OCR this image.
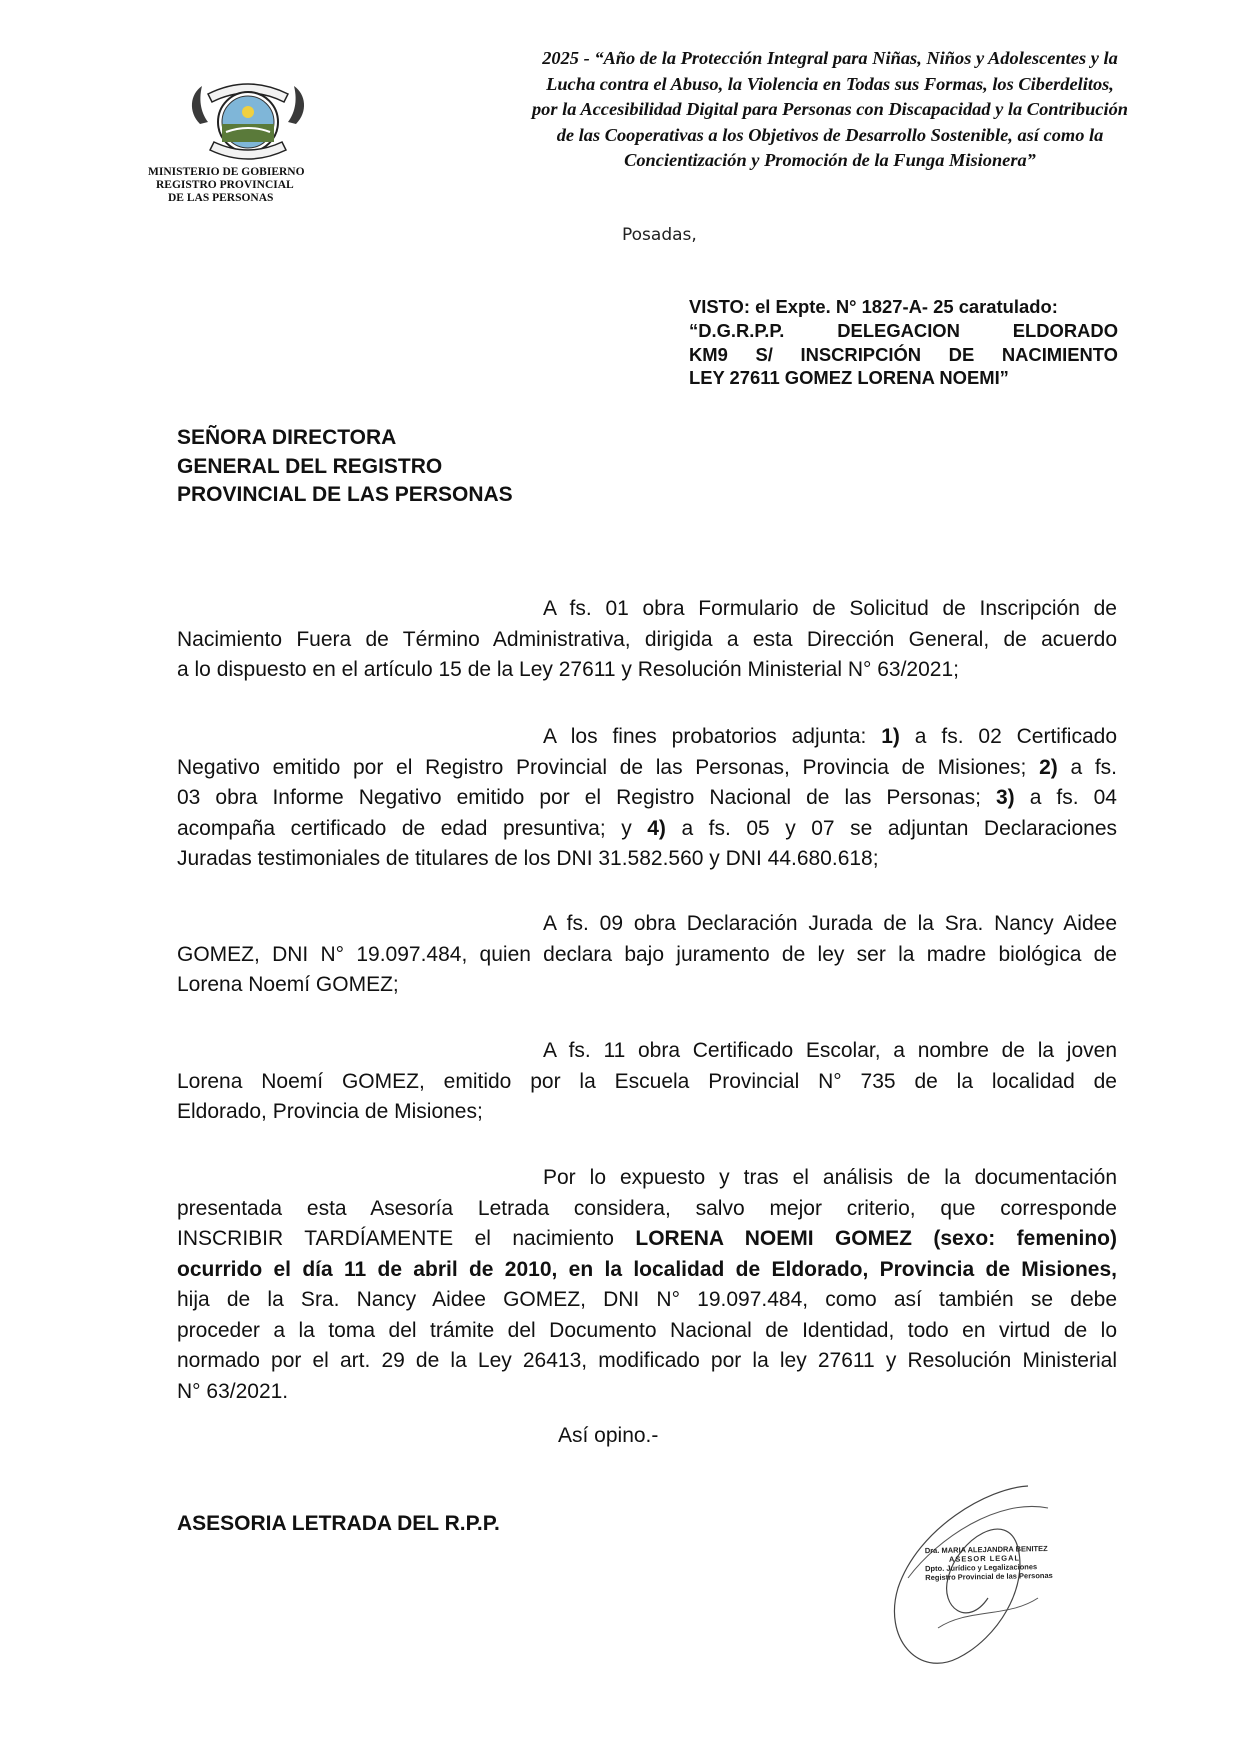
MINISTERIO DE GOBIERNO
REGISTRO PROVINCIAL
DE LAS PERSONAS
2025 - “Año de la Protección Integral para Niñas, Niños y Adolescentes y la
Lucha contra el Abuso, la Violencia en Todas sus Formas, los Ciberdelitos,
por la Accesibilidad Digital para Personas con Discapacidad y la Contribución
de las Cooperativas a los Objetivos de Desarrollo Sostenible, así como la
Concientización y Promoción de la Funga Misionera”
Posadas,
VISTO: el Expte. N° 1827-A- 25 caratulado:
“D.G.R.P.P. DELEGACION ELDORADO
KM9 S/ INSCRIPCIÓN DE NACIMIENTO
LEY 27611 GOMEZ LORENA NOEMI”
SEÑORA DIRECTORA
GENERAL DEL REGISTRO
PROVINCIAL DE LAS PERSONAS
A fs. 01 obra Formulario de Solicitud de Inscripción de
Nacimiento Fuera de Término Administrativa, dirigida a esta Dirección General, de acuerdo
a lo dispuesto en el artículo 15 de la Ley 27611 y Resolución Ministerial N° 63/2021;
A los fines probatorios adjunta: 1) a fs. 02 Certificado
Negativo emitido por el Registro Provincial de las Personas, Provincia de Misiones; 2) a fs.
03 obra Informe Negativo emitido por el Registro Nacional de las Personas; 3) a fs. 04
acompaña certificado de edad presuntiva; y 4) a fs. 05 y 07 se adjuntan Declaraciones
Juradas testimoniales de titulares de los DNI 31.582.560 y DNI 44.680.618;
A fs. 09 obra Declaración Jurada de la Sra. Nancy Aidee
GOMEZ, DNI N° 19.097.484, quien declara bajo juramento de ley ser la madre biológica de
Lorena Noemí GOMEZ;
A fs. 11 obra Certificado Escolar, a nombre de la joven
Lorena Noemí GOMEZ, emitido por la Escuela Provincial N° 735 de la localidad de
Eldorado, Provincia de Misiones;
Por lo expuesto y tras el análisis de la documentación
presentada esta Asesoría Letrada considera, salvo mejor criterio, que corresponde
INSCRIBIR TARDÍAMENTE el nacimiento LORENA NOEMI GOMEZ (sexo: femenino)
ocurrido el día 11 de abril de 2010, en la localidad de Eldorado, Provincia de Misiones,
hija de la Sra. Nancy Aidee GOMEZ, DNI N° 19.097.484, como así también se debe
proceder a la toma del trámite del Documento Nacional de Identidad, todo en virtud de lo
normado por el art. 29 de la Ley 26413, modificado por la ley 27611 y Resolución Ministerial
N° 63/2021.
Así opino.-
ASESORIA LETRADA DEL R.P.P.
Dra. MARIA ALEJANDRA BENITEZ
ASESOR LEGAL
Dpto. Jurídico y Legalizaciones
Registro Provincial de las Personas
